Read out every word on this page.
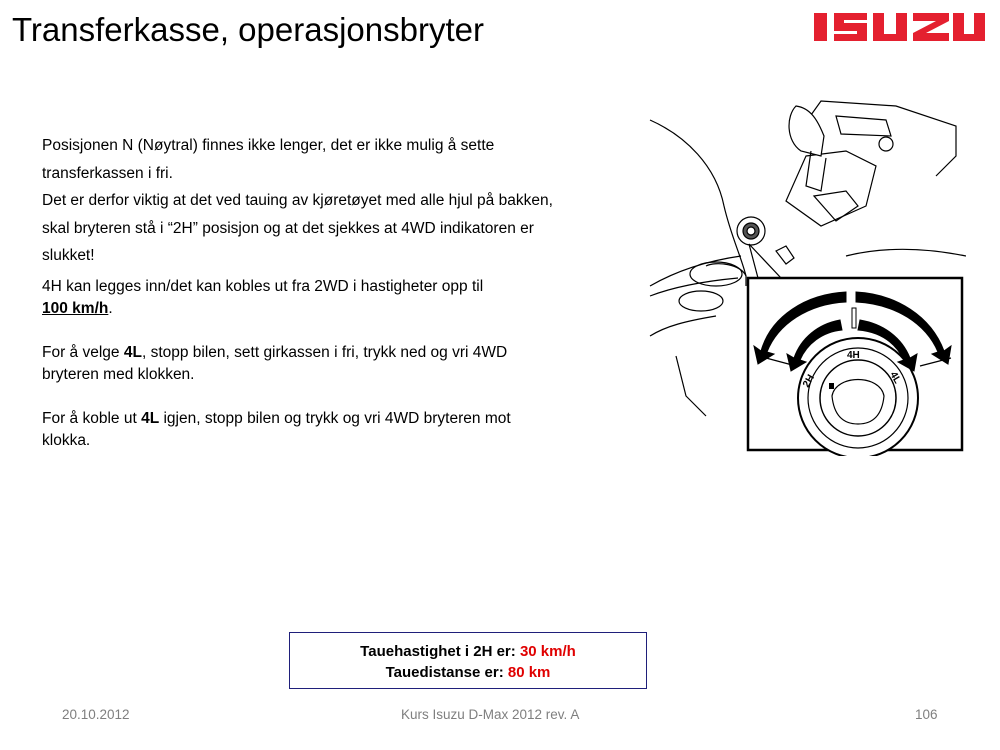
Transferkasse, operasjonsbryter
Posisjonen N (Nøytral) finnes ikke lenger, det er ikke mulig å sette
transferkassen i fri.
Det er derfor viktig at det ved tauing av kjøretøyet med alle hjul på bakken,
skal bryteren stå i “2H” posisjon og at det sjekkes at 4WD indikatoren er
slukket!
4H kan legges inn/det kan kobles ut fra 2WD i hastigheter opp til
100 km/h.
For å velge 4L, stopp bilen, sett girkassen i fri, trykk ned og vri 4WD
bryteren med klokken.
For å koble ut 4L igjen, stopp bilen og trykk og vri 4WD bryteren mot
klokka.
4H
2H	4L
Tauehastighet i 2H er: 30 km/h
Tauedistanse er: 80 km
20.10.2012	Kurs Isuzu D-Max 2012 rev. A	106
